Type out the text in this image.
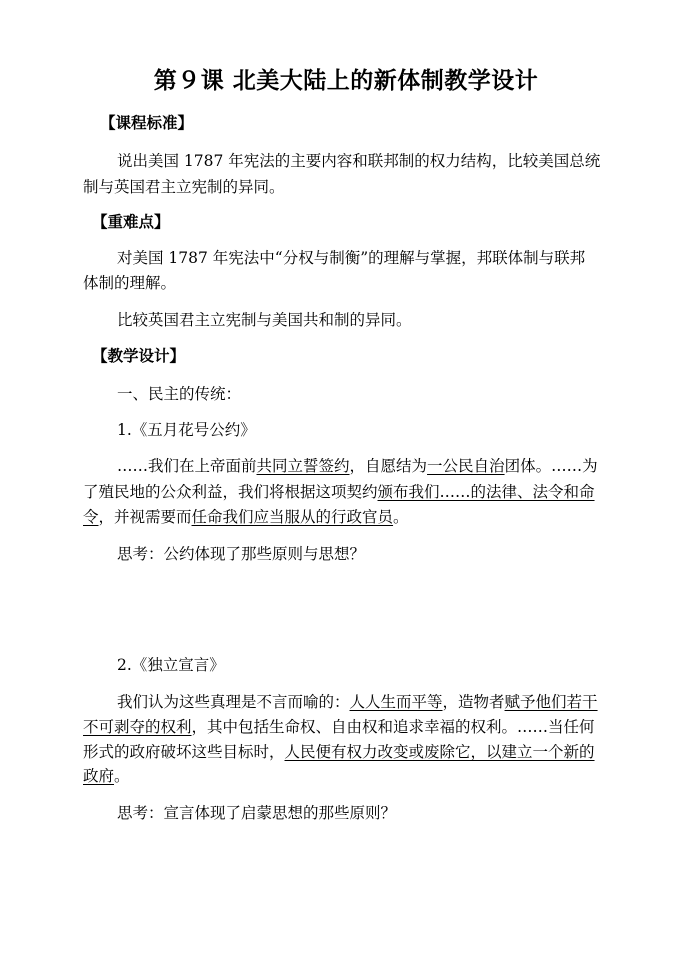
第９课 北美大陆上的新体制教学设计
【课程标准】
说出美国 1787 年宪法的主要内容和联邦制的权力结构，比较美国总统
制与英国君主立宪制的异同。
【重难点】
对美国 1787 年宪法中“分权与制衡”的理解与掌握，邦联体制与联邦
体制的理解。
比较英国君主立宪制与美国共和制的异同。
【教学设计】
一、民主的传统：
1.《五月花号公约》
……我们在上帝面前共同立誓签约，自愿结为一公民自治团体。……为
了殖民地的公众利益，我们将根据这项契约颁布我们……的法律、法令和命
令，并视需要而任命我们应当服从的行政官员。
思考：公约体现了那些原则与思想？
2.《独立宣言》
我们认为这些真理是不言而喻的：人人生而平等，造物者赋予他们若干
不可剥夺的权利，其中包括生命权、自由权和追求幸福的权利。……当任何
形式的政府破坏这些目标时，人民便有权力改变或废除它，以建立一个新的
政府。
思考：宣言体现了启蒙思想的那些原则？
